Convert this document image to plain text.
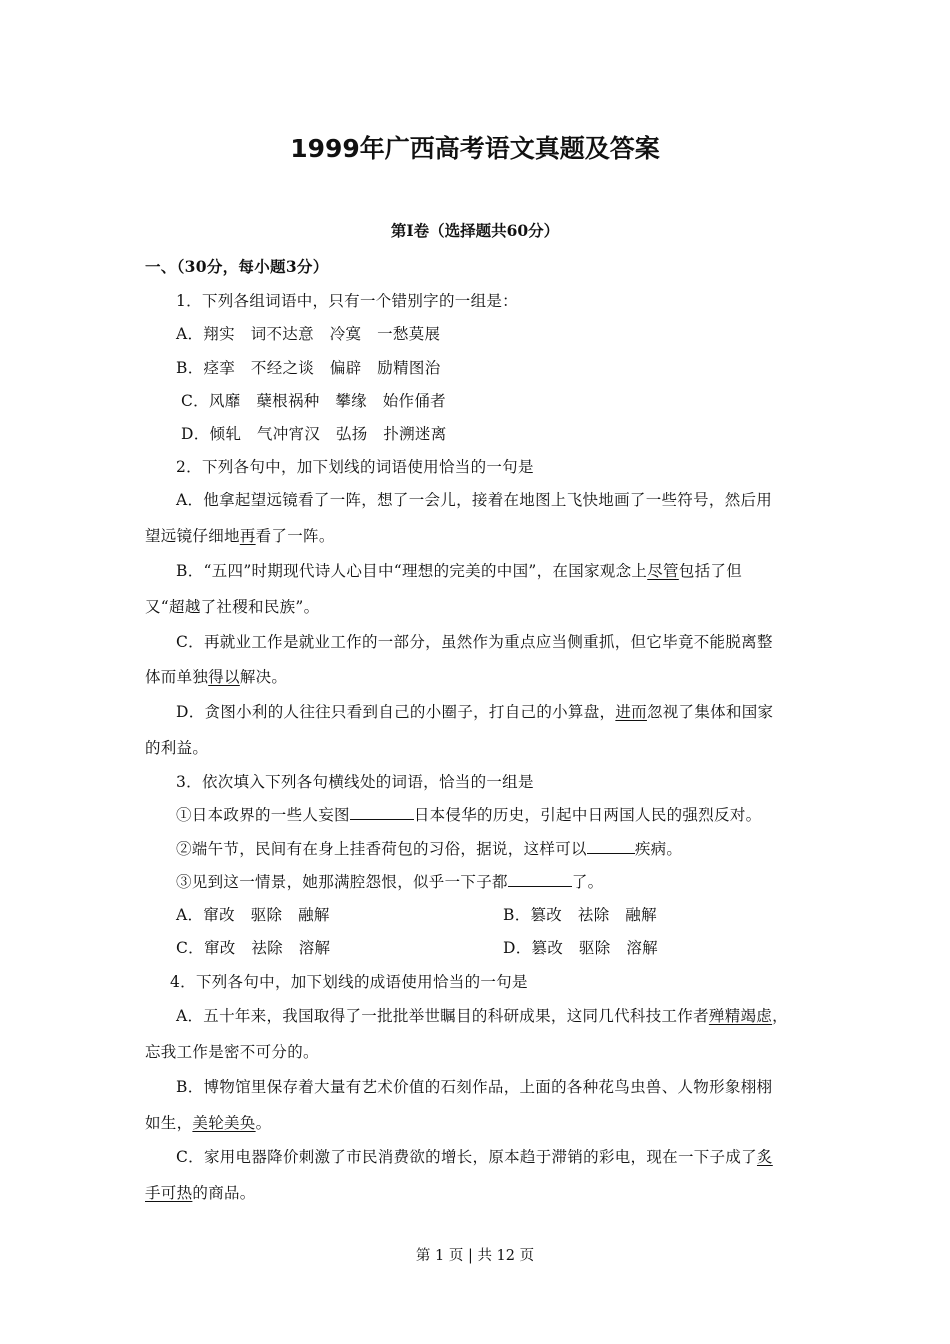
1999年广西高考语文真题及答案
第Ⅰ卷（选择题共60分）
一、（30分，每小题3分）
1．下列各组词语中，只有一个错别字的一组是：
A．翔实　词不达意　冷寞　一愁莫展
B．痉挛　不经之谈　偏辟　励精图治
C．风靡　蘖根祸种　攀缘　始作俑者
D．倾轧　气冲宵汉　弘扬　扑溯迷离
2．下列各句中，加下划线的词语使用恰当的一句是
A．他拿起望远镜看了一阵，想了一会儿，接着在地图上飞快地画了一些符号，然后用
望远镜仔细地再看了一阵。
B．“五四”时期现代诗人心目中“理想的完美的中国”，在国家观念上尽管包括了但
又“超越了社稷和民族”。
C．再就业工作是就业工作的一部分，虽然作为重点应当侧重抓，但它毕竟不能脱离整
体而单独得以解决。
D．贪图小利的人往往只看到自己的小圈子，打自己的小算盘，进而忽视了集体和国家
的利益。
3．依次填入下列各句横线处的词语，恰当的一组是
①日本政界的一些人妄图	日本侵华的历史，引起中日两国人民的强烈反对。
②端午节，民间有在身上挂香荷包的习俗，据说，这样可以	疾病。
③见到这一情景，她那满腔怨恨，似乎一下子都	了。
A．窜改　驱除　融解	B．篡改　祛除　融解
C．窜改　祛除　溶解	D．篡改　驱除　溶解
4．下列各句中，加下划线的成语使用恰当的一句是
A．五十年来，我国取得了一批批举世瞩目的科研成果，这同几代科技工作者殚精竭虑，
忘我工作是密不可分的。
B．博物馆里保存着大量有艺术价值的石刻作品，上面的各种花鸟虫兽、人物形象栩栩
如生，美轮美奂。
C．家用电器降价刺激了市民消费欲的增长，原本趋于滞销的彩电，现在一下子成了炙
手可热的商品。
第 1 页 | 共 12 页
